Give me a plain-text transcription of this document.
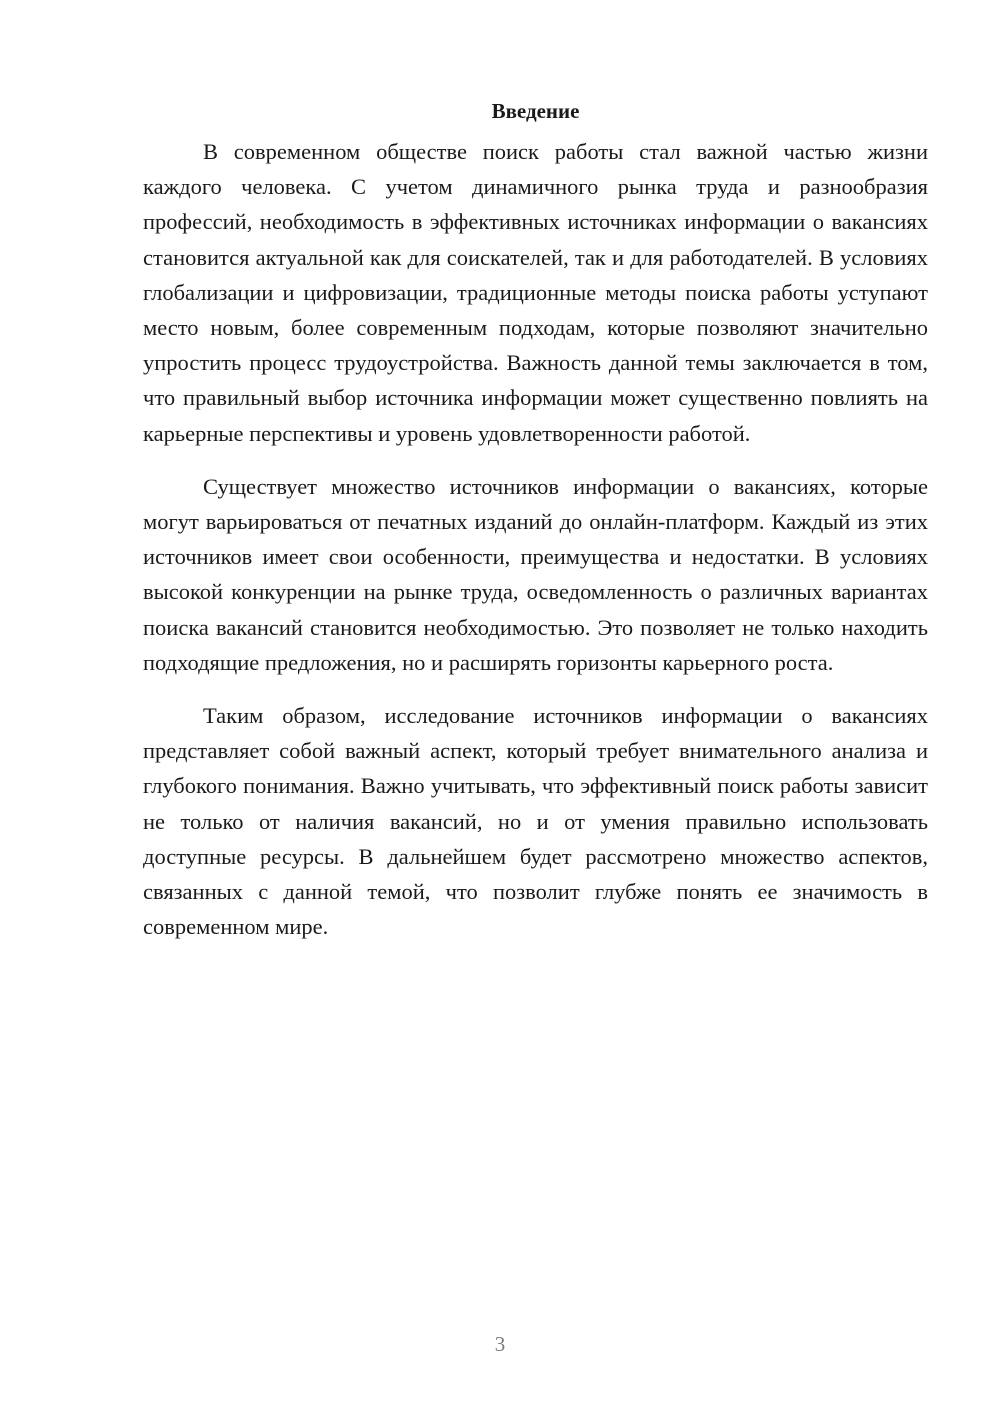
Введение

В современном обществе поиск работы стал важной частью жизни каждого человека. С учетом динамичного рынка труда и разнообразия профессий, необходимость в эффективных источниках информации о вакансиях становится актуальной как для соискателей, так и для работодателей. В условиях глобализации и цифровизации, традиционные методы поиска работы уступают место новым, более современным подходам, которые позволяют значительно упростить процесс трудоустройства. Важность данной темы заключается в том, что правильный выбор источника информации может существенно повлиять на карьерные перспективы и уровень удовлетворенности работой.

Существует множество источников информации о вакансиях, которые могут варьироваться от печатных изданий до онлайн-платформ. Каждый из этих источников имеет свои особенности, преимущества и недостатки. В условиях высокой конкуренции на рынке труда, осведомленность о различных вариантах поиска вакансий становится необходимостью. Это позволяет не только находить подходящие предложения, но и расширять горизонты карьерного роста.

Таким образом, исследование источников информации о вакансиях представляет собой важный аспект, который требует внимательного анализа и глубокого понимания. Важно учитывать, что эффективный поиск работы зависит не только от наличия вакансий, но и от умения правильно использовать доступные ресурсы. В дальнейшем будет рассмотрено множество аспектов, связанных с данной темой, что позволит глубже понять ее значимость в современном мире.

3
